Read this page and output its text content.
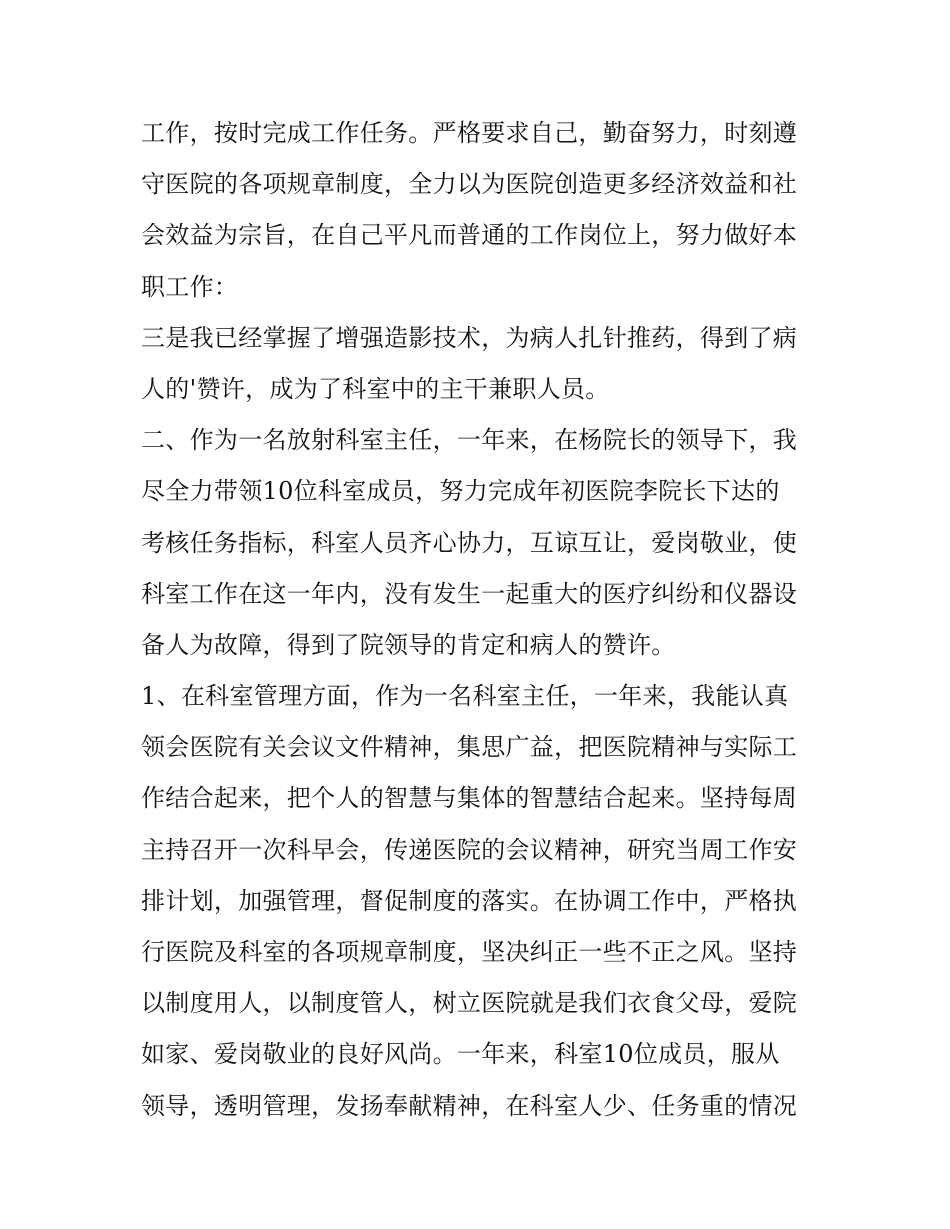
工作，按时完成工作任务。严格要求自己，勤奋努力，时刻遵
守医院的各项规章制度，全力以为医院创造更多经济效益和社
会效益为宗旨，在自己平凡而普通的工作岗位上，努力做好本
职工作：
三是我已经掌握了增强造影技术，为病人扎针推药，得到了病
人的'赞许，成为了科室中的主干兼职人员。
二、作为一名放射科室主任，一年来，在杨院长的领导下，我
尽全力带领10位科室成员，努力完成年初医院李院长下达的
考核任务指标，科室人员齐心协力，互谅互让，爱岗敬业，使
科室工作在这一年内，没有发生一起重大的医疗纠纷和仪器设
备人为故障，得到了院领导的肯定和病人的赞许。
1、在科室管理方面，作为一名科室主任，一年来，我能认真
领会医院有关会议文件精神，集思广益，把医院精神与实际工
作结合起来，把个人的智慧与集体的智慧结合起来。坚持每周
主持召开一次科早会，传递医院的会议精神，研究当周工作安
排计划，加强管理，督促制度的落实。在协调工作中，严格执
行医院及科室的各项规章制度，坚决纠正一些不正之风。坚持
以制度用人，以制度管人，树立医院就是我们衣食父母，爱院
如家、爱岗敬业的良好风尚。一年来，科室10位成员，服从
领导，透明管理，发扬奉献精神，在科室人少、任务重的情况
